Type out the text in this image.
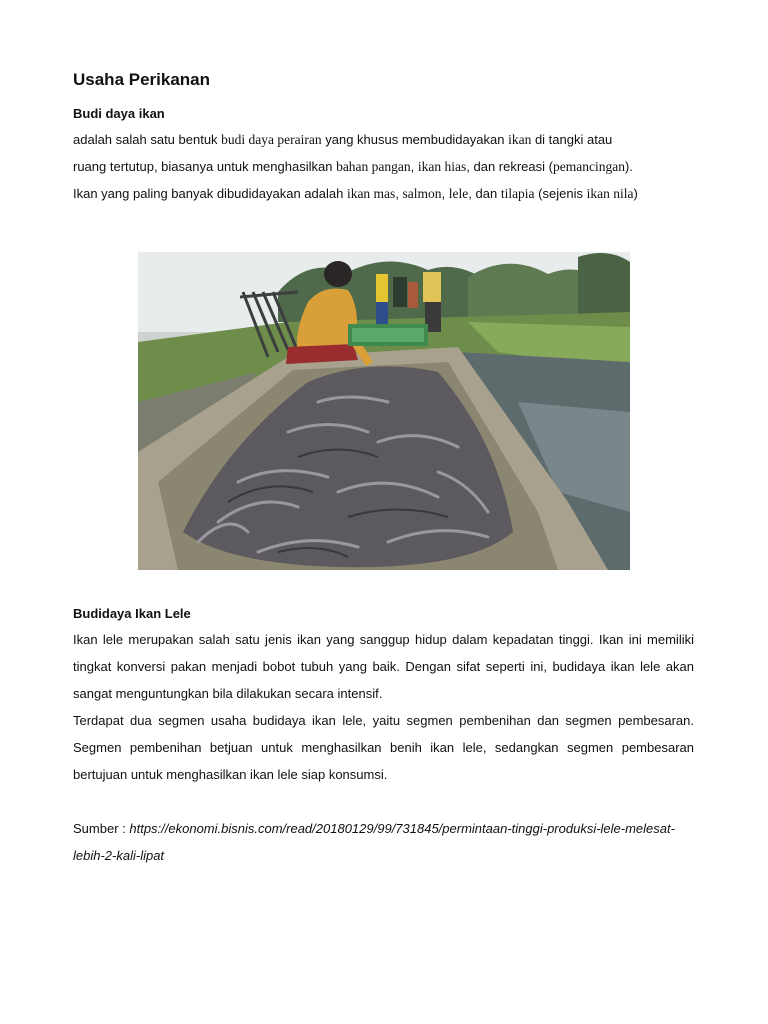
Usaha Perikanan
Budi daya ikan

adalah salah satu bentuk budi daya perairan yang khusus membudidayakan ikan di tangki atau

ruang tertutup, biasanya untuk menghasilkan bahan pangan, ikan hias, dan rekreasi (pemancingan).

Ikan yang paling banyak dibudidayakan adalah ikan mas, salmon, lele, dan tilapia (sejenis ikan nila)

Budidaya Ikan Lele

Ikan lele merupakan salah satu jenis ikan yang sanggup hidup dalam kepadatan tinggi. Ikan ini memiliki tingkat konversi pakan menjadi bobot tubuh yang baik. Dengan sifat seperti ini, budidaya ikan lele akan sangat menguntungkan bila dilakukan secara intensif.

Terdapat dua segmen usaha budidaya ikan lele, yaitu segmen pembenihan dan segmen pembesaran. Segmen pembenihan betjuan untuk menghasilkan benih ikan lele, sedangkan segmen pembesaran bertujuan untuk menghasilkan ikan lele siap konsumsi.

Sumber : https://ekonomi.bisnis.com/read/20180129/99/731845/permintaan-tinggi-produksi-lele-melesat-lebih-2-kali-lipat
